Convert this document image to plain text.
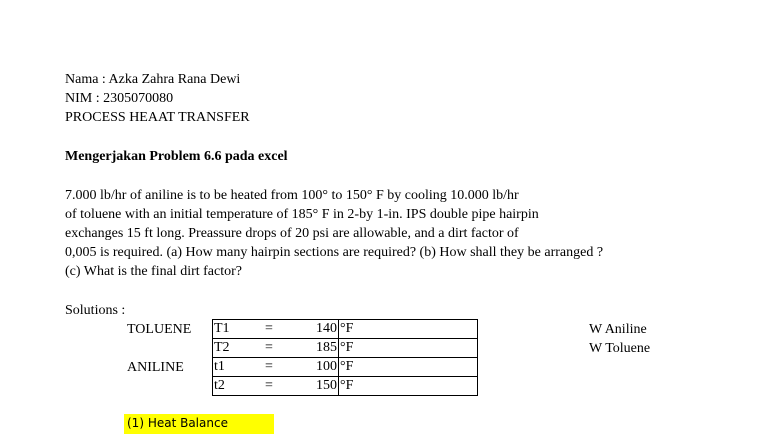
Nama : Azka Zahra Rana Dewi
NIM : 2305070080
PROCESS HEAAT TRANSFER
Mengerjakan Problem 6.6 pada excel
7.000 lb/hr of aniline is to be heated from 100° to 150° F by cooling 10.000 lb/hr
of toluene with an initial temperature of 185° F in 2-by 1-in. IPS double pipe hairpin
exchanges 15 ft long. Preassure drops of 20 psi are allowable, and a dirt factor of
0,005 is required. (a) How many hairpin sections are required? (b) How shall they be arranged ?
(c) What is the final dirt factor?
Solutions :
TOLUENE
ANILINE
T1	=	140	°F
T2	=	185	°F
t1	=	100	°F
t2	=	150	°F
W Aniline
W Toluene
(1) Heat Balance
